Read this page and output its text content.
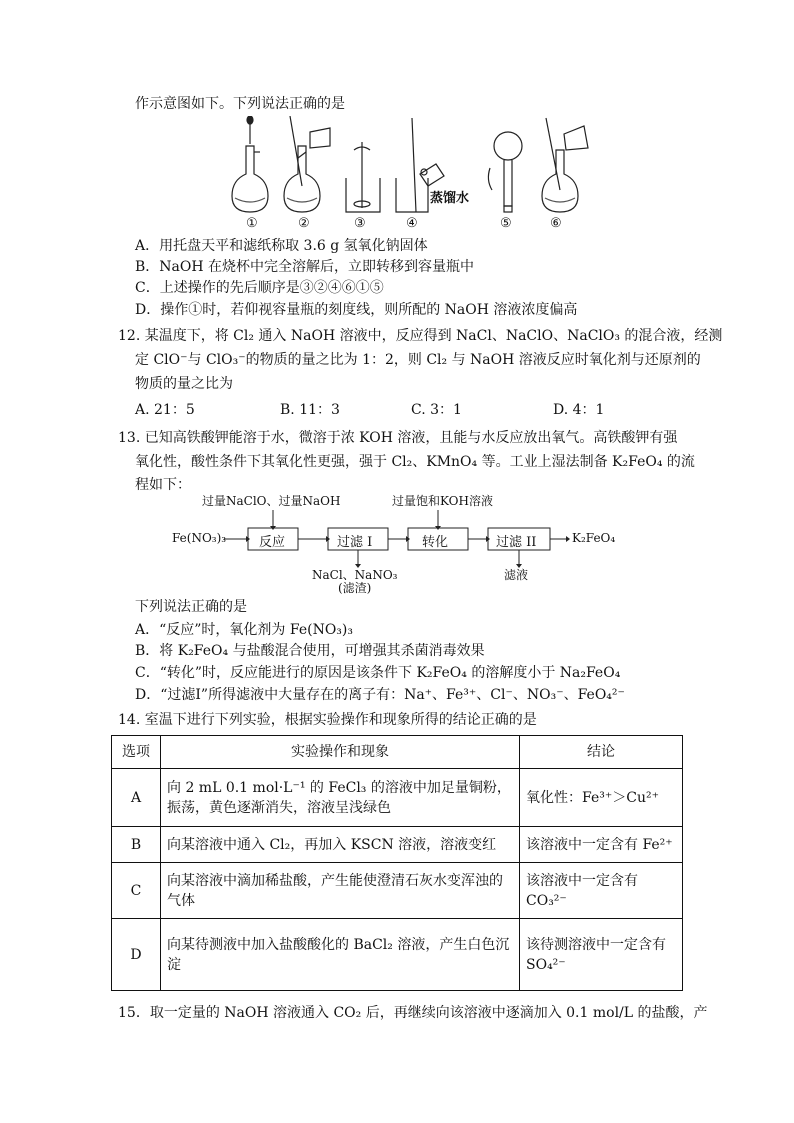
作示意图如下。下列说法正确的是
蒸馏水
①	②	③	④	⑤	⑥
A．用托盘天平和滤纸称取 3.6 g 氢氧化钠固体
B．NaOH 在烧杯中完全溶解后，立即转移到容量瓶中
C．上述操作的先后顺序是③②④⑥①⑤
D．操作①时，若仰视容量瓶的刻度线，则所配的 NaOH 溶液浓度偏高
12. 某温度下，将 Cl₂ 通入 NaOH 溶液中，反应得到 NaCl、NaClO、NaClO₃ 的混合液，经测
定 ClO⁻与 ClO₃⁻的物质的量之比为 1：2，则 Cl₂ 与 NaOH 溶液反应时氧化剂与还原剂的
物质的量之比为
A. 21：5	B. 11：3	C. 3：1	D. 4：1
13. 已知高铁酸钾能溶于水，微溶于浓 KOH 溶液，且能与水反应放出氧气。高铁酸钾有强
氧化性，酸性条件下其氧化性更强，强于 Cl₂、KMnO₄ 等。工业上湿法制备 K₂FeO₄ 的流
程如下：
过量NaClO、过量NaOH	过量饱和KOH溶液
Fe(NO₃)₃	反应	过滤 I	转化	过滤 II	K₂FeO₄
NaCl、NaNO₃
(滤渣)
滤液
下列说法正确的是
A．“反应”时，氧化剂为 Fe(NO₃)₃
B．将 K₂FeO₄ 与盐酸混合使用，可增强其杀菌消毒效果
C．“转化”时，反应能进行的原因是该条件下 K₂FeO₄ 的溶解度小于 Na₂FeO₄
D．“过滤Ⅰ”所得滤液中大量存在的离子有：Na⁺、Fe³⁺、Cl⁻、NO₃⁻、FeO₄²⁻
14. 室温下进行下列实验，根据实验操作和现象所得的结论正确的是
选项	实验操作和现象	结论
A	向 2 mL 0.1 mol·L⁻¹ 的 FeCl₃ 的溶液中加足量铜粉，振荡，黄色逐渐消失，溶液呈浅绿色	氧化性：Fe³⁺＞Cu²⁺
B	向某溶液中通入 Cl₂，再加入 KSCN 溶液，溶液变红	该溶液中一定含有 Fe²⁺
C	向某溶液中滴加稀盐酸，产生能使澄清石灰水变浑浊的气体	该溶液中一定含有 CO₃²⁻
D	向某待测液中加入盐酸酸化的 BaCl₂ 溶液，产生白色沉淀	该待测溶液中一定含有 SO₄²⁻
15．取一定量的 NaOH 溶液通入 CO₂ 后，再继续向该溶液中逐滴加入 0.1 mol/L 的盐酸，产
